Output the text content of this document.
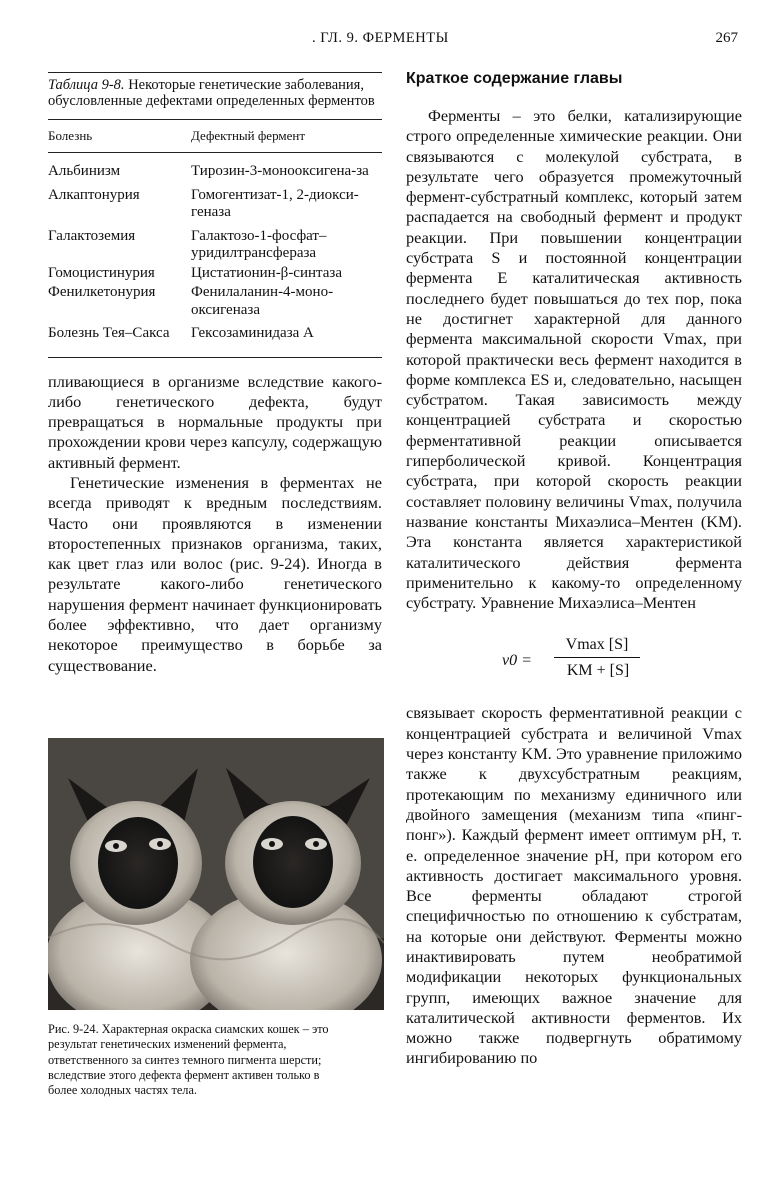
. ГЛ. 9. ФЕРМЕНТЫ	267
Таблица 9-8. Некоторые генетические заболевания, обусловленные дефектами определенных ферментов
Болезнь	Дефектный фермент
Альбинизм	Тирозин-3-монооксигена-за
Алкаптонурия	Гомогентизат-1, 2-диокси-геназа
Галактоземия	Галактозо-1-фосфат–уридилтрансфераза
Гомоцистинурия	Цистатионин-β-синтаза
Фенилкетонурия	Фенилаланин-4-моно-оксигеназа
Болезнь Тея–Сакса	Гексозаминидаза А

пливающиеся в организме вследствие какого-либо генетического дефекта, будут превращаться в нормальные продукты при прохождении крови через капсулу, содержащую активный фермент.

Генетические изменения в ферментах не всегда приводят к вредным последствиям. Часто они проявляются в изменении второстепенных признаков организма, таких, как цвет глаз или волос (рис. 9-24). Иногда в результате какого-либо генетического нарушения фермент начинает функционировать более эффективно, что дает организму некоторое преимущество в борьбе за существование.

Рис. 9-24. Характерная окраска сиамских кошек – это результат генетических изменений фермента, ответственного за синтез темного пигмента шерсти; вследствие этого дефекта фермент активен только в более холодных частях тела.
Краткое содержание главы

Ферменты – это белки, катализирующие строго определенные химические реакции. Они связываются с молекулой субстрата, в результате чего образуется промежуточный фермент-субстратный комплекс, который затем распадается на свободный фермент и продукт реакции. При повышении концентрации субстрата S и постоянной концентрации фермента E каталитическая активность последнего будет повышаться до тех пор, пока не достигнет характерной для данного фермента максимальной скорости Vmax, при которой практически весь фермент находится в форме комплекса ES и, следовательно, насыщен субстратом. Такая зависимость между концентрацией субстрата и скоростью ферментативной реакции описывается гиперболической кривой. Концентрация субстрата, при которой скорость реакции составляет половину величины Vmax, получила название константы Михаэлиса–Ментен (KM). Эта константа является характеристикой каталитического действия фермента применительно к какому-то определенному субстрату. Уравнение Михаэлиса–Ментен

v0 =
Vmax [S]
KM + [S]

связывает скорость ферментативной реакции с концентрацией субстрата и величиной Vmax через константу KM. Это уравнение приложимо также к двухсубстратным реакциям, протекающим по механизму единичного или двойного замещения (механизм типа «пинг-понг»). Каждый фермент имеет оптимум pH, т. е. определенное значение pH, при котором его активность достигает максимального уровня. Все ферменты обладают строгой специфичностью по отношению к субстратам, на которые они действуют. Ферменты можно инактивировать путем необратимой модификации некоторых функциональных групп, имеющих важное значение для каталитической активности ферментов. Их можно также подвергнуть обратимому ингибированию по
